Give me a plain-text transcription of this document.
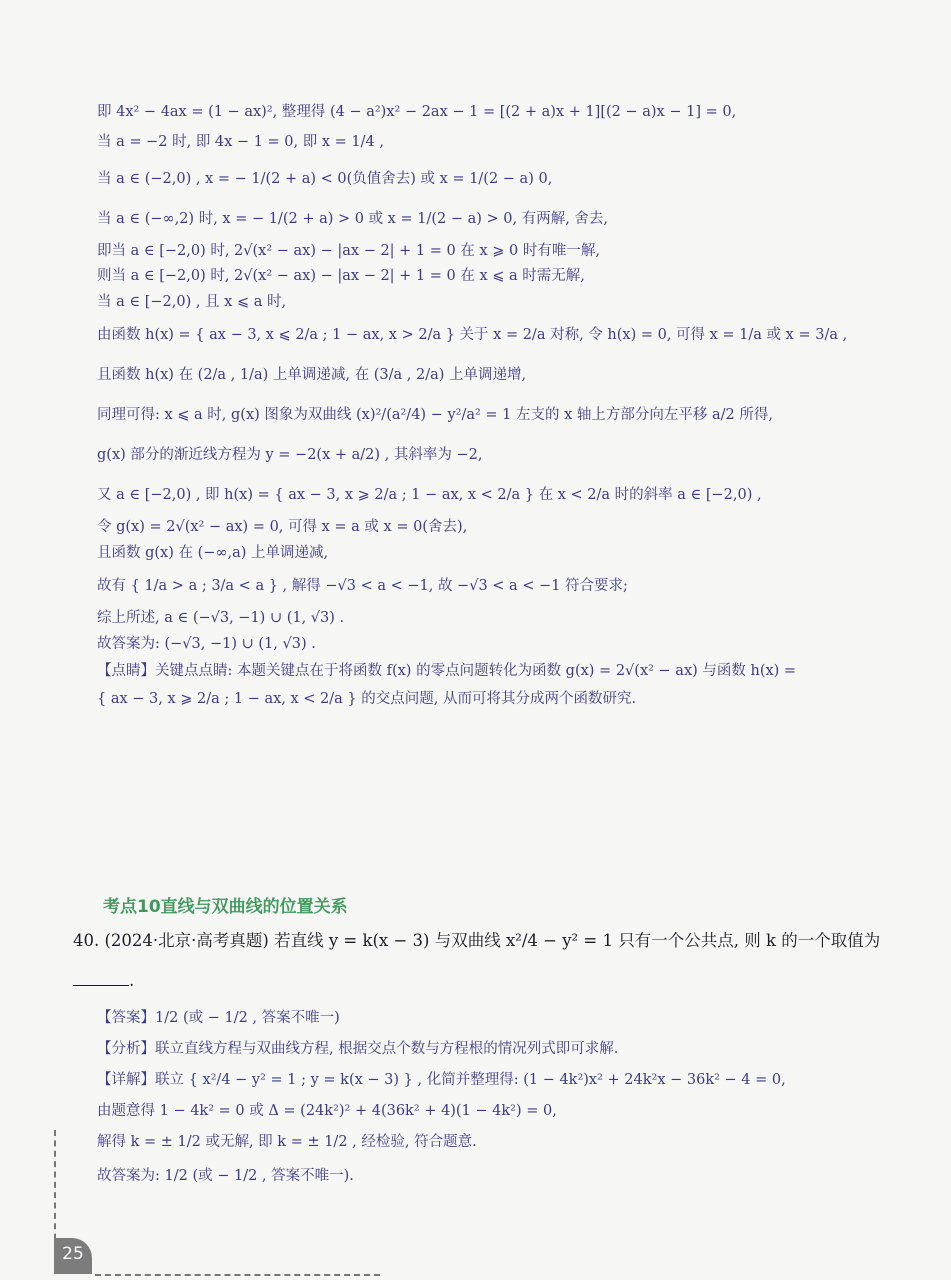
即 4x² − 4ax = (1 − ax)², 整理得 (4 − a²)x² − 2ax − 1 = [(2 + a)x + 1][(2 − a)x − 1] = 0,
当 a = −2 时, 即 4x − 1 = 0, 即 x = 1/4 ,
当 a ∈ (−2,0) , x = − 1/(2 + a) < 0(负值舍去) 或 x = 1/(2 − a) 0,
当 a ∈ (−∞,2) 时, x = − 1/(2 + a) > 0 或 x = 1/(2 − a) > 0, 有两解, 舍去,
即当 a ∈ [−2,0) 时, 2√(x² − ax) − |ax − 2| + 1 = 0 在 x ⩾ 0 时有唯一解,
则当 a ∈ [−2,0) 时, 2√(x² − ax) − |ax − 2| + 1 = 0 在 x ⩽ a 时需无解,
当 a ∈ [−2,0) , 且 x ⩽ a 时,
由函数 h(x) = { ax − 3, x ⩽ 2/a ; 1 − ax, x > 2/a } 关于 x = 2/a 对称, 令 h(x) = 0, 可得 x = 1/a 或 x = 3/a ,
且函数 h(x) 在 (2/a , 1/a) 上单调递减, 在 (3/a , 2/a) 上单调递增,
同理可得: x ⩽ a 时, g(x) 图象为双曲线 (x)²/(a²/4) − y²/a² = 1 左支的 x 轴上方部分向左平移 a/2 所得,
g(x) 部分的渐近线方程为 y = −2(x + a/2) , 其斜率为 −2,
又 a ∈ [−2,0) , 即 h(x) = { ax − 3, x ⩾ 2/a ; 1 − ax, x < 2/a } 在 x < 2/a 时的斜率 a ∈ [−2,0) ,
令 g(x) = 2√(x² − ax) = 0, 可得 x = a 或 x = 0(舍去),
且函数 g(x) 在 (−∞,a) 上单调递减,
故有 { 1/a > a ; 3/a < a } , 解得 −√3 < a < −1, 故 −√3 < a < −1 符合要求;
综上所述, a ∈ (−√3, −1) ∪ (1, √3) .
故答案为: (−√3, −1) ∪ (1, √3) .
【点睛】关键点点睛: 本题关键点在于将函数 f(x) 的零点问题转化为函数 g(x) = 2√(x² − ax) 与函数 h(x) =
{ ax − 3, x ⩾ 2/a ; 1 − ax, x < 2/a } 的交点问题, 从而可将其分成两个函数研究.
考点10直线与双曲线的位置关系
40. (2024·北京·高考真题) 若直线 y = k(x − 3) 与双曲线 x²/4 − y² = 1 只有一个公共点, 则 k 的一个取值为
.
【答案】1/2 (或 − 1/2 , 答案不唯一)
【分析】联立直线方程与双曲线方程, 根据交点个数与方程根的情况列式即可求解.
【详解】联立 { x²/4 − y² = 1 ; y = k(x − 3) } , 化简并整理得: (1 − 4k²)x² + 24k²x − 36k² − 4 = 0,
由题意得 1 − 4k² = 0 或 Δ = (24k²)² + 4(36k² + 4)(1 − 4k²) = 0,
解得 k = ± 1/2 或无解, 即 k = ± 1/2 , 经检验, 符合题意.
故答案为: 1/2 (或 − 1/2 , 答案不唯一).
25
